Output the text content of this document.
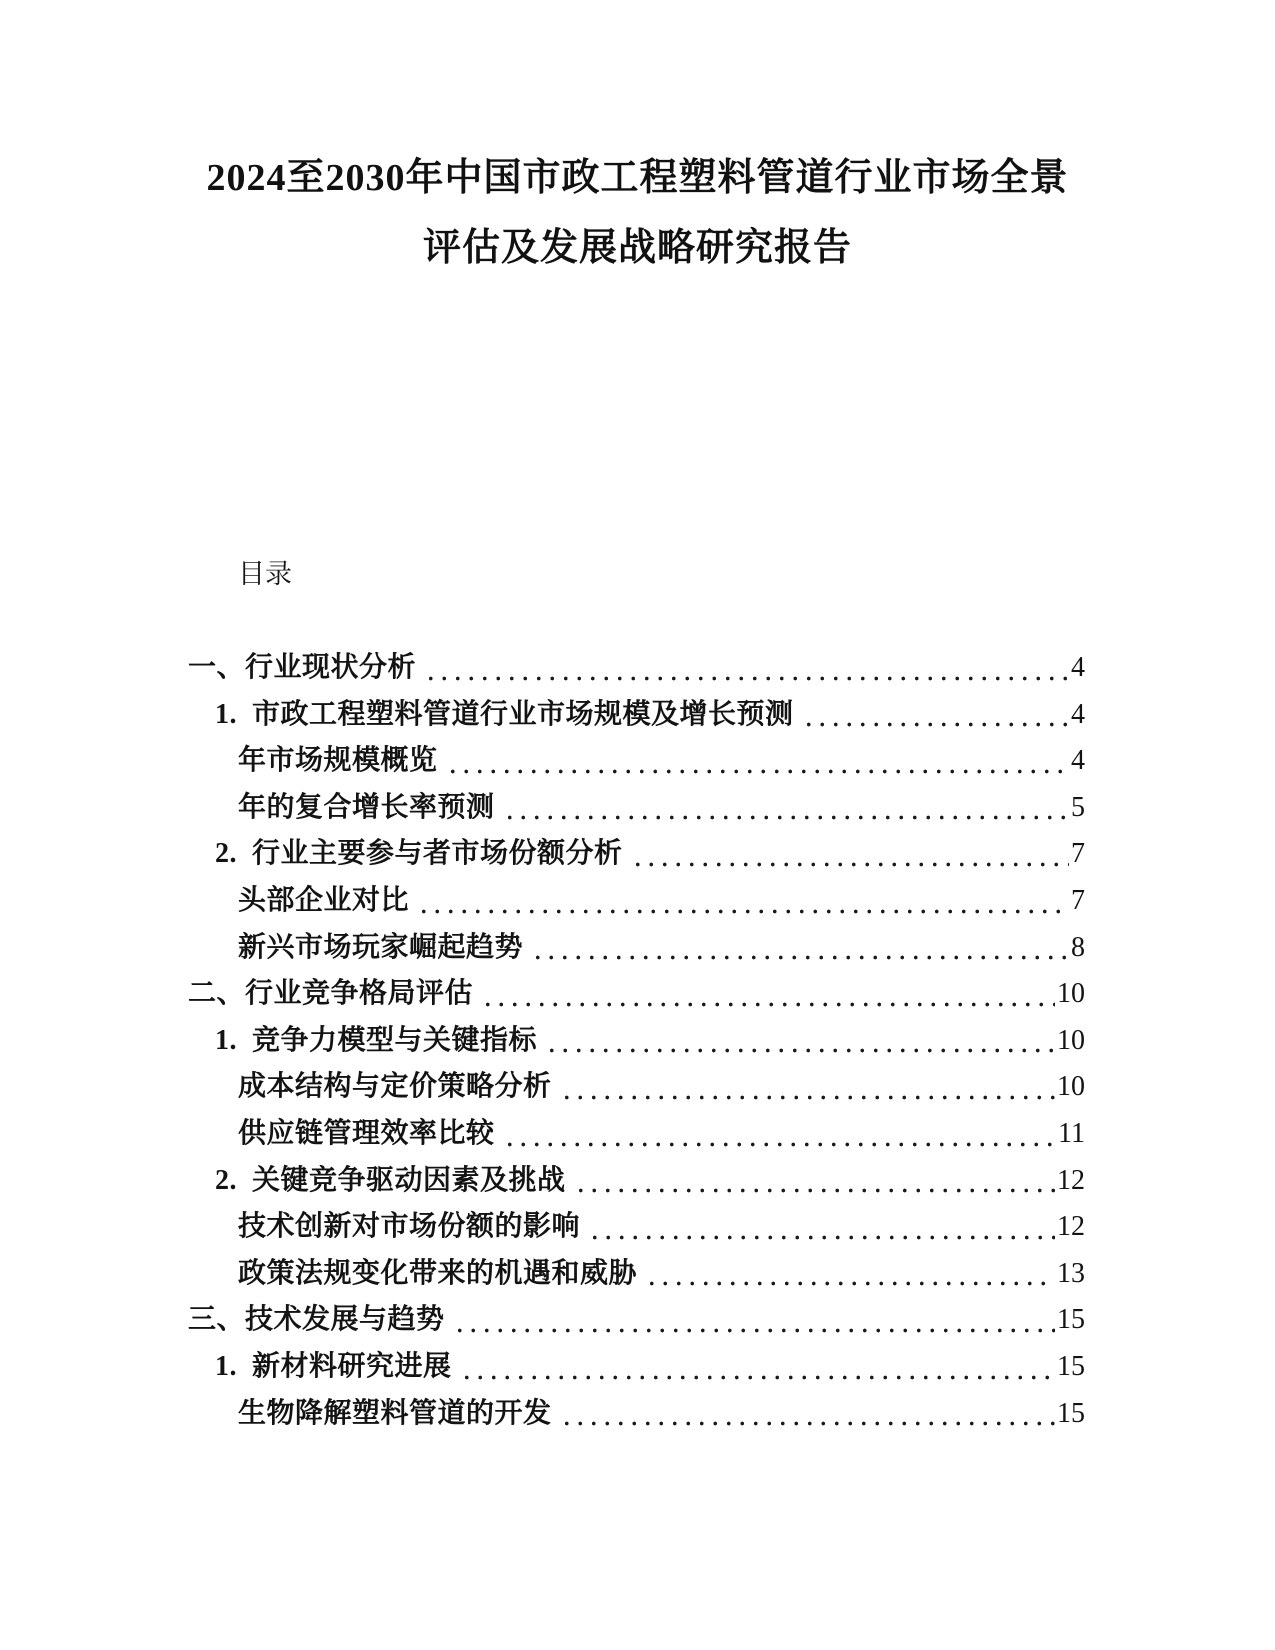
2024至2030年中国市政工程塑料管道行业市场全景
评估及发展战略研究报告
目录
一、行业现状分析	4
1. 市政工程塑料管道行业市场规模及增长预测	4
年市场规模概览	4
年的复合增长率预测	5
2. 行业主要参与者市场份额分析	7
头部企业对比	7
新兴市场玩家崛起趋势	8
二、行业竞争格局评估	10
1. 竞争力模型与关键指标	10
成本结构与定价策略分析	10
供应链管理效率比较	11
2. 关键竞争驱动因素及挑战	12
技术创新对市场份额的影响	12
政策法规变化带来的机遇和威胁	13
三、技术发展与趋势	15
1. 新材料研究进展	15
生物降解塑料管道的开发	15
